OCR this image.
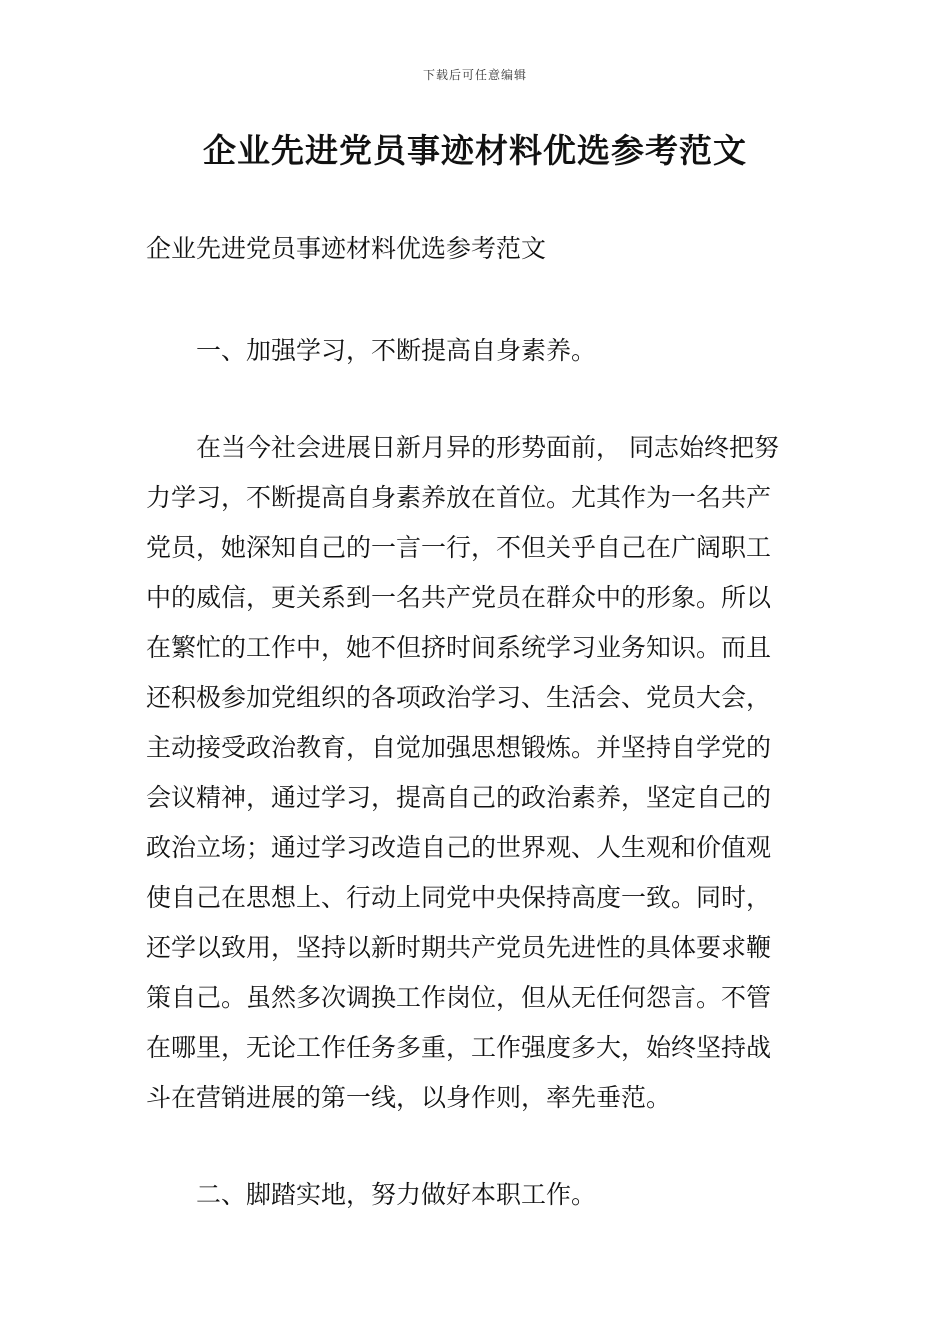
下载后可任意编辑
企业先进党员事迹材料优选参考范文

企业先进党员事迹材料优选参考范文

一、加强学习，不断提高自身素养。

在当今社会进展日新月异的形势面前， 同志始终把努
力学习，不断提高自身素养放在首位。尤其作为一名共产
党员，她深知自己的一言一行，不但关乎自己在广阔职工
中的威信，更关系到一名共产党员在群众中的形象。所以
在繁忙的工作中，她不但挤时间系统学习业务知识。而且
还积极参加党组织的各项政治学习、生活会、党员大会，
主动接受政治教育，自觉加强思想锻炼。并坚持自学党的
会议精神，通过学习，提高自己的政治素养，坚定自己的
政治立场；通过学习改造自己的世界观、人生观和价值观
使自己在思想上、行动上同党中央保持高度一致。同时，
还学以致用，坚持以新时期共产党员先进性的具体要求鞭
策自己。虽然多次调换工作岗位，但从无任何怨言。不管
在哪里，无论工作任务多重，工作强度多大，始终坚持战
斗在营销进展的第一线，以身作则，率先垂范。

二、脚踏实地，努力做好本职工作。
